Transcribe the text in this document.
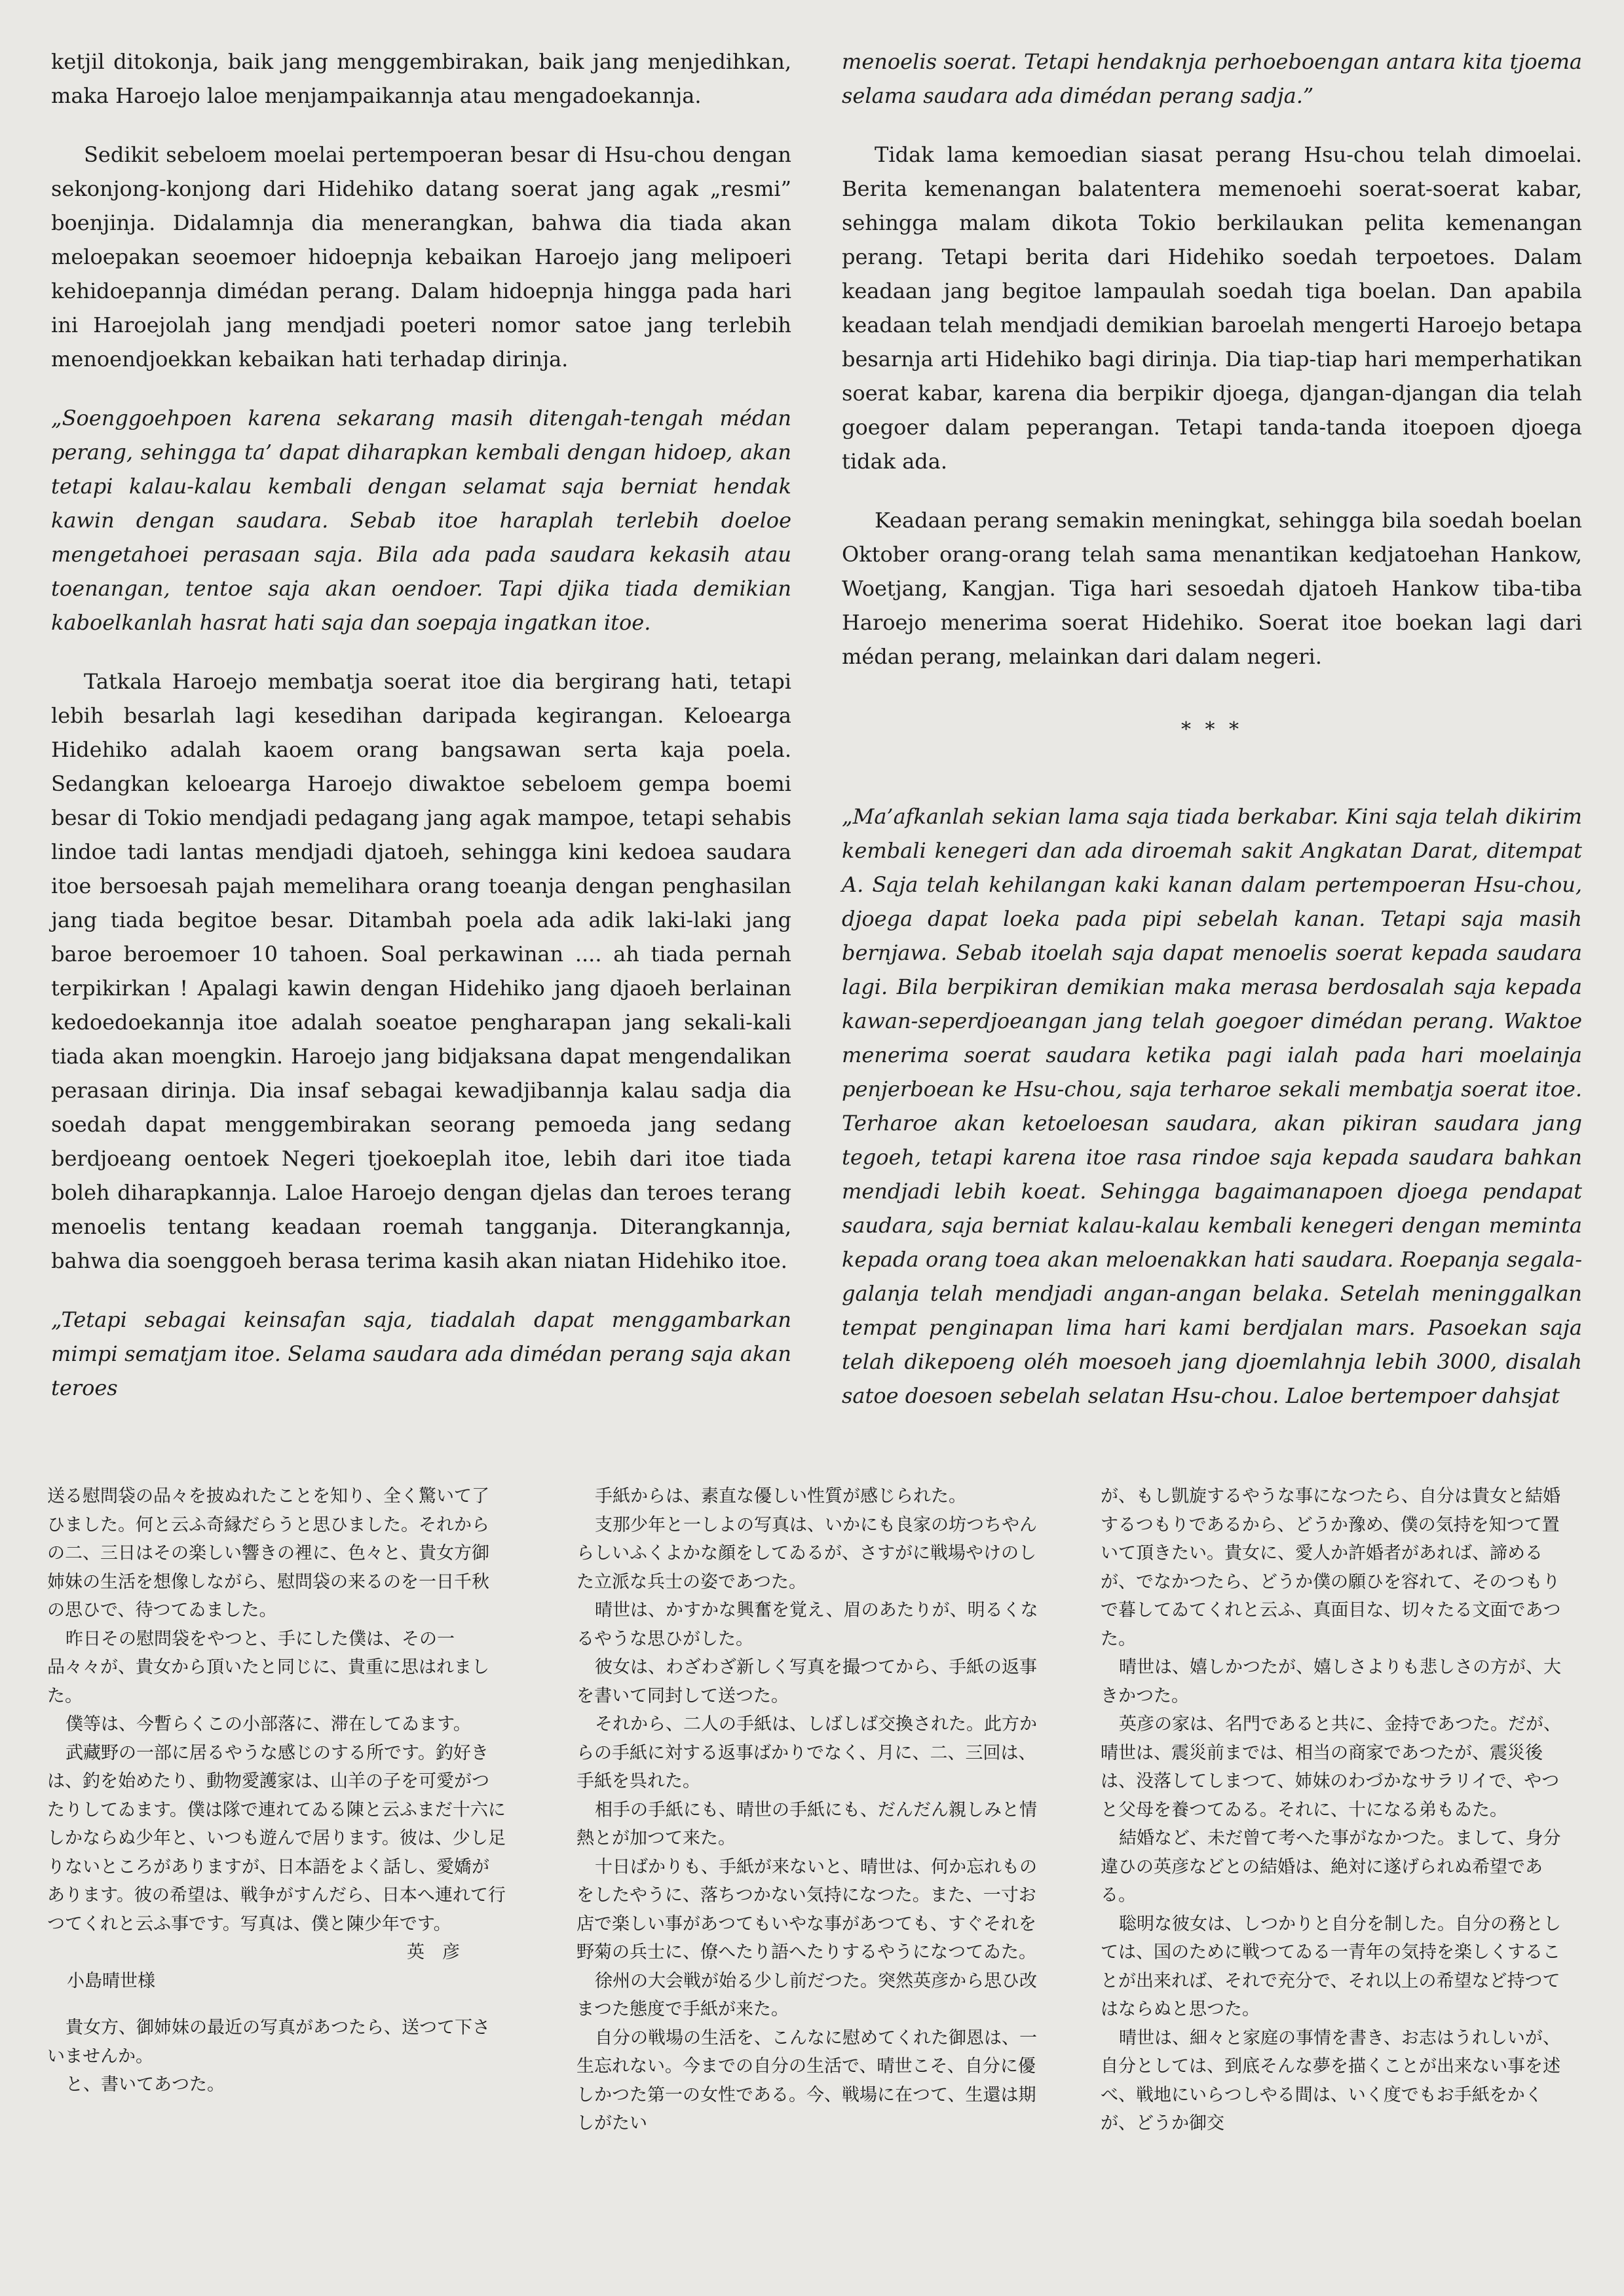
ketjil ditokonja, baik jang menggembirakan, baik jang menjedihkan, maka Haroejo laloe menjampaikannja atau mengadoekannja.

Sedikit sebeloem moelai pertempoeran besar di Hsu-chou dengan sekonjong-konjong dari Hidehiko datang soerat jang agak „resmi” boenjinja. Didalamnja dia menerangkan, bahwa dia tiada akan meloepakan seoemoer hidoepnja kebaikan Haroejo jang melipoeri kehidoepannja dimédan perang. Dalam hidoepnja hingga pada hari ini Haroejolah jang mendjadi poeteri nomor satoe jang terlebih menoendjoekkan kebaikan hati terhadap dirinja.

„Soenggoehpoen karena sekarang masih ditengah-tengah médan perang, sehingga ta’ dapat diharapkan kembali dengan hidoep, akan tetapi kalau-kalau kembali dengan selamat saja berniat hendak kawin dengan saudara. Sebab itoe haraplah terlebih doeloe mengetahoei perasaan saja. Bila ada pada saudara kekasih atau toenangan, tentoe saja akan oendoer. Tapi djika tiada demikian kaboelkanlah hasrat hati saja dan soepaja ingatkan itoe.

Tatkala Haroejo membatja soerat itoe dia bergirang hati, tetapi lebih besarlah lagi kesedihan daripada kegirangan. Keloearga Hidehiko adalah kaoem orang bangsawan serta kaja poela. Sedangkan keloearga Haroejo diwaktoe sebeloem gempa boemi besar di Tokio mendjadi pedagang jang agak mampoe, tetapi sehabis lindoe tadi lantas mendjadi djatoeh, sehingga kini kedoea saudara itoe bersoesah pajah memelihara orang toeanja dengan penghasilan jang tiada begitoe besar. Ditambah poela ada adik laki-laki jang baroe beroemoer 10 tahoen. Soal perkawinan .... ah tiada pernah terpikirkan ! Apalagi kawin dengan Hidehiko jang djaoeh berlainan kedoedoekannja itoe adalah soeatoe pengharapan jang sekali-kali tiada akan moengkin. Haroejo jang bidjaksana dapat mengendalikan perasaan dirinja. Dia insaf sebagai kewadjibannja kalau sadja dia soedah dapat menggembirakan seorang pemoeda jang sedang berdjoeang oentoek Negeri tjoekoeplah itoe, lebih dari itoe tiada boleh diharapkannja. Laloe Haroejo dengan djelas dan teroes terang menoelis tentang keadaan roemah tangganja. Diterangkannja, bahwa dia soenggoeh berasa terima kasih akan niatan Hidehiko itoe.

„Tetapi sebagai keinsafan saja, tiadalah dapat menggambarkan mimpi sematjam itoe. Selama saudara ada dimédan perang saja akan teroes

menoelis soerat. Tetapi hendaknja perhoeboengan antara kita tjoema selama saudara ada dimédan perang sadja.”

Tidak lama kemoedian siasat perang Hsu-chou telah dimoelai. Berita kemenangan balatentera memenoehi soerat-soerat kabar, sehingga malam dikota Tokio berkilaukan pelita kemenangan perang. Tetapi berita dari Hidehiko soedah terpoetoes. Dalam keadaan jang begitoe lampaulah soedah tiga boelan. Dan apabila keadaan telah mendjadi demikian baroelah mengerti Haroejo betapa besarnja arti Hidehiko bagi dirinja. Dia tiap-tiap hari memperhatikan soerat kabar, karena dia berpikir djoega, djangan-djangan dia telah goegoer dalam peperangan. Tetapi tanda-tanda itoepoen djoega tidak ada.

Keadaan perang semakin meningkat, sehingga bila soedah boelan Oktober orang-orang telah sama menantikan kedjatoehan Hankow, Woetjang, Kangjan. Tiga hari sesoedah djatoeh Hankow tiba-tiba Haroejo menerima soerat Hidehiko. Soerat itoe boekan lagi dari médan perang, melainkan dari dalam negeri.

* * *

„Ma’afkanlah sekian lama saja tiada berkabar. Kini saja telah dikirim kembali kenegeri dan ada diroemah sakit Angkatan Darat, ditempat A. Saja telah kehilangan kaki kanan dalam pertempoeran Hsu-chou, djoega dapat loeka pada pipi sebelah kanan. Tetapi saja masih bernjawa. Sebab itoelah saja dapat menoelis soerat kepada saudara lagi. Bila berpikiran demikian maka merasa berdosalah saja kepada kawan-seperdjoeangan jang telah goegoer dimédan perang. Waktoe menerima soerat saudara ketika pagi ialah pada hari moelainja penjerboean ke Hsu-chou, saja terharoe sekali membatja soerat itoe. Terharoe akan ketoeloesan saudara, akan pikiran saudara jang tegoeh, tetapi karena itoe rasa rindoe saja kepada saudara bahkan mendjadi lebih koeat. Sehingga bagaimanapoen djoega pendapat saudara, saja berniat kalau-kalau kembali kenegeri dengan meminta kepada orang toea akan meloenakkan hati saudara. Roepanja segala-galanja telah mendjadi angan-angan belaka. Setelah meninggalkan tempat penginapan lima hari kami berdjalan mars. Pasoekan saja telah dikepoeng oléh moesoeh jang djoemlahnja lebih 3000, disalah satoe doesoen sebelah selatan Hsu-chou. Laloe bertempoer dahsjat

送る慰問袋の品々を披ぬれたことを知り、全く驚いて了ひました。何と云ふ奇縁だらうと思ひました。それからの二、三日はその楽しい響きの裡に、色々と、貴女方御姉妹の生活を想像しながら、慰問袋の来るのを一日千秋の思ひで、待つてゐました。

昨日その慰問袋をやつと、手にした僕は、その一品々々が、貴女から頂いたと同じに、貴重に思はれました。

僕等は、今暫らくこの小部落に、滞在してゐます。

武藏野の一部に居るやうな感じのする所です。釣好きは、釣を始めたり、動物愛護家は、山羊の子を可愛がつたりしてゐます。僕は隊で連れてゐる陳と云ふまだ十六にしかならぬ少年と、いつも遊んで居ります。彼は、少し足りないところがありますが、日本語をよく話し、愛嬌があります。彼の希望は、戦争がすんだら、日本へ連れて行つてくれと云ふ事です。写真は、僕と陳少年です。

英　彦

小島晴世様

貴女方、御姉妹の最近の写真があつたら、送つて下さいませんか。

と、書いてあつた。

手紙からは、素直な優しい性質が感じられた。

支那少年と一しよの写真は、いかにも良家の坊つちやんらしいふくよかな顔をしてゐるが、さすがに戦場やけのした立派な兵士の姿であつた。

晴世は、かすかな興奮を覚え、眉のあたりが、明るくなるやうな思ひがした。

彼女は、わざわざ新しく写真を撮つてから、手紙の返事を書いて同封して送つた。

それから、二人の手紙は、しばしば交換された。此方からの手紙に対する返事ばかりでなく、月に、二、三回は、手紙を呉れた。

相手の手紙にも、晴世の手紙にも、だんだん親しみと情熱とが加つて来た。

十日ばかりも、手紙が来ないと、晴世は、何か忘れものをしたやうに、落ちつかない気持になつた。また、一寸お店で楽しい事があつてもいやな事があつても、すぐそれを野菊の兵士に、僚へたり語へたりするやうになつてゐた。

徐州の大会戦が始る少し前だつた。突然英彦から思ひ改まつた態度で手紙が来た。

自分の戦場の生活を、こんなに慰めてくれた御恩は、一生忘れない。今までの自分の生活で、晴世こそ、自分に優しかつた第一の女性である。今、戦場に在つて、生還は期しがたい

が、もし凱旋するやうな事になつたら、自分は貴女と結婚するつもりであるから、どうか豫め、僕の気持を知つて置いて頂きたい。貴女に、愛人か許婚者があれば、諦めるが、でなかつたら、どうか僕の願ひを容れて、そのつもりで暮してゐてくれと云ふ、真面目な、切々たる文面であつた。

晴世は、嬉しかつたが、嬉しさよりも悲しさの方が、大きかつた。

英彦の家は、名門であると共に、金持であつた。だが、晴世は、震災前までは、相当の商家であつたが、震災後は、没落してしまつて、姉妹のわづかなサラリイで、やつと父母を養つてゐる。それに、十になる弟もゐた。

結婚など、未だ曾て考へた事がなかつた。まして、身分違ひの英彦などとの結婚は、絶対に遂げられぬ希望である。

聡明な彼女は、しつかりと自分を制した。自分の務としては、国のために戦つてゐる一青年の気持を楽しくすることが出来れば、それで充分で、それ以上の希望など持つてはならぬと思つた。

晴世は、細々と家庭の事情を書き、お志はうれしいが、自分としては、到底そんな夢を描くことが出来ない事を述べ、戦地にいらつしやる間は、いく度でもお手紙をかくが、どうか御交
